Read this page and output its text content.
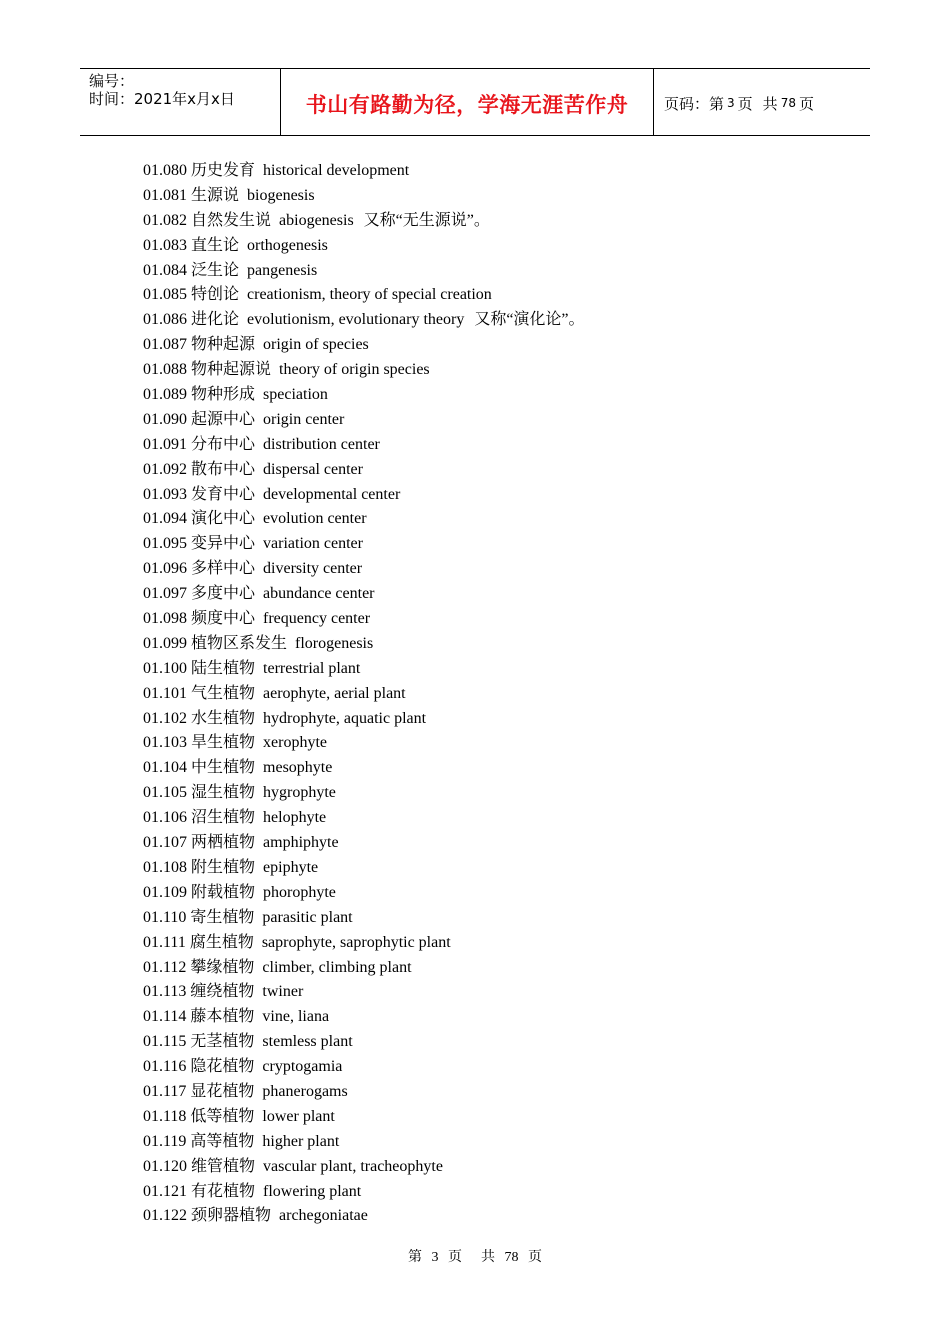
编号：
时间：2021年x月x日	书山有路勤为径，学海无涯苦作舟	页码：第 3 页 共 78 页
01.080 历史发育 historical development
01.081 生源说 biogenesis
01.082 自然发生说 abiogenesis 又称“无生源说”。
01.083 直生论 orthogenesis
01.084 泛生论 pangenesis
01.085 特创论 creationism, theory of special creation
01.086 进化论 evolutionism, evolutionary theory 又称“演化论”。
01.087 物种起源 origin of species
01.088 物种起源说 theory of origin species
01.089 物种形成 speciation
01.090 起源中心 origin center
01.091 分布中心 distribution center
01.092 散布中心 dispersal center
01.093 发育中心 developmental center
01.094 演化中心 evolution center
01.095 变异中心 variation center
01.096 多样中心 diversity center
01.097 多度中心 abundance center
01.098 频度中心 frequency center
01.099 植物区系发生 florogenesis
01.100 陆生植物 terrestrial plant
01.101 气生植物 aerophyte, aerial plant
01.102 水生植物 hydrophyte, aquatic plant
01.103 旱生植物 xerophyte
01.104 中生植物 mesophyte
01.105 湿生植物 hygrophyte
01.106 沼生植物 helophyte
01.107 两栖植物 amphiphyte
01.108 附生植物 epiphyte
01.109 附载植物 phorophyte
01.110 寄生植物 parasitic plant
01.111 腐生植物 saprophyte, saprophytic plant
01.112 攀缘植物 climber, climbing plant
01.113 缠绕植物 twiner
01.114 藤本植物 vine, liana
01.115 无茎植物 stemless plant
01.116 隐花植物 cryptogamia
01.117 显花植物 phanerogams
01.118 低等植物 lower plant
01.119 高等植物 higher plant
01.120 维管植物 vascular plant, tracheophyte
01.121 有花植物 flowering plant
01.122 颈卵器植物 archegoniatae
第 3 页 共 78 页
